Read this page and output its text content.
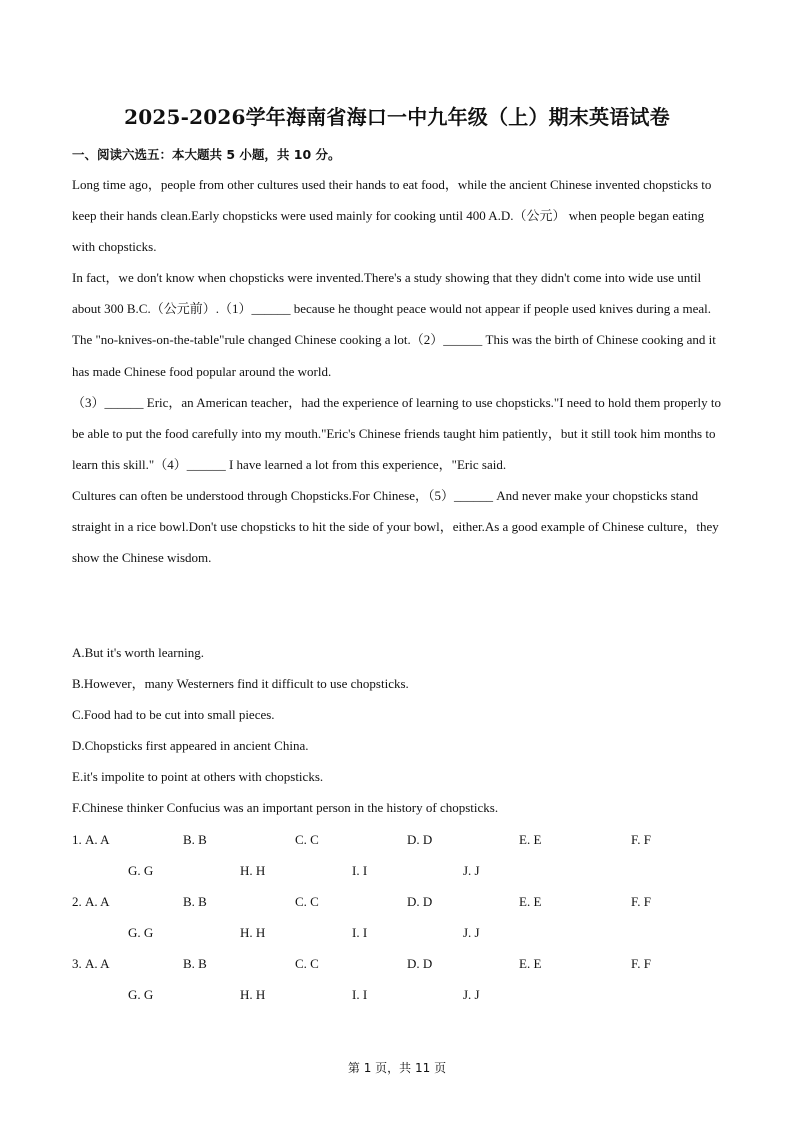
2025-2026学年海南省海口一中九年级（上）期末英语试卷
一、阅读六选五：本大题共 5 小题，共 10 分。

Long time ago，people from other cultures used their hands to eat food，while the ancient Chinese invented chopsticks to keep their hands clean.Early chopsticks were used mainly for cooking until 400 A.D.（公元） when people began eating with chopsticks.

In fact，we don't know when chopsticks were invented.There's a study showing that they didn't come into wide use until about 300 B.C.（公元前）.（1）______ because he thought peace would not appear if people used knives during a meal.

The "no-knives-on-the-table"rule changed Chinese cooking a lot.（2）______ This was the birth of Chinese cooking and it has made Chinese food popular around the world.

（3）______ Eric，an American teacher，had the experience of learning to use chopsticks."I need to hold them properly to be able to put the food carefully into my mouth."Eric's Chinese friends taught him patiently，but it still took him months to learn this skill."（4）______ I have learned a lot from this experience，"Eric said.

Cultures can often be understood through Chopsticks.For Chinese，（5）______ And never make your chopsticks stand straight in a rice bowl.Don't use chopsticks to hit the side of your bowl，either.As a good example of Chinese culture，they show the Chinese wisdom.

A.But it's worth learning.

B.However，many Westerners find it difficult to use chopsticks.

C.Food had to be cut into small pieces.

D.Chopsticks first appeared in ancient China.

E.it's impolite to point at others with chopsticks.

F.Chinese thinker Confucius was an important person in the history of chopsticks.

1. A. A	B. B	C. C	D. D	E. E	F. F
G. G	H. H	I. I	J. J
2. A. A	B. B	C. C	D. D	E. E	F. F
G. G	H. H	I. I	J. J
3. A. A	B. B	C. C	D. D	E. E	F. F
G. G	H. H	I. I	J. J
第 1 页，共 11 页
